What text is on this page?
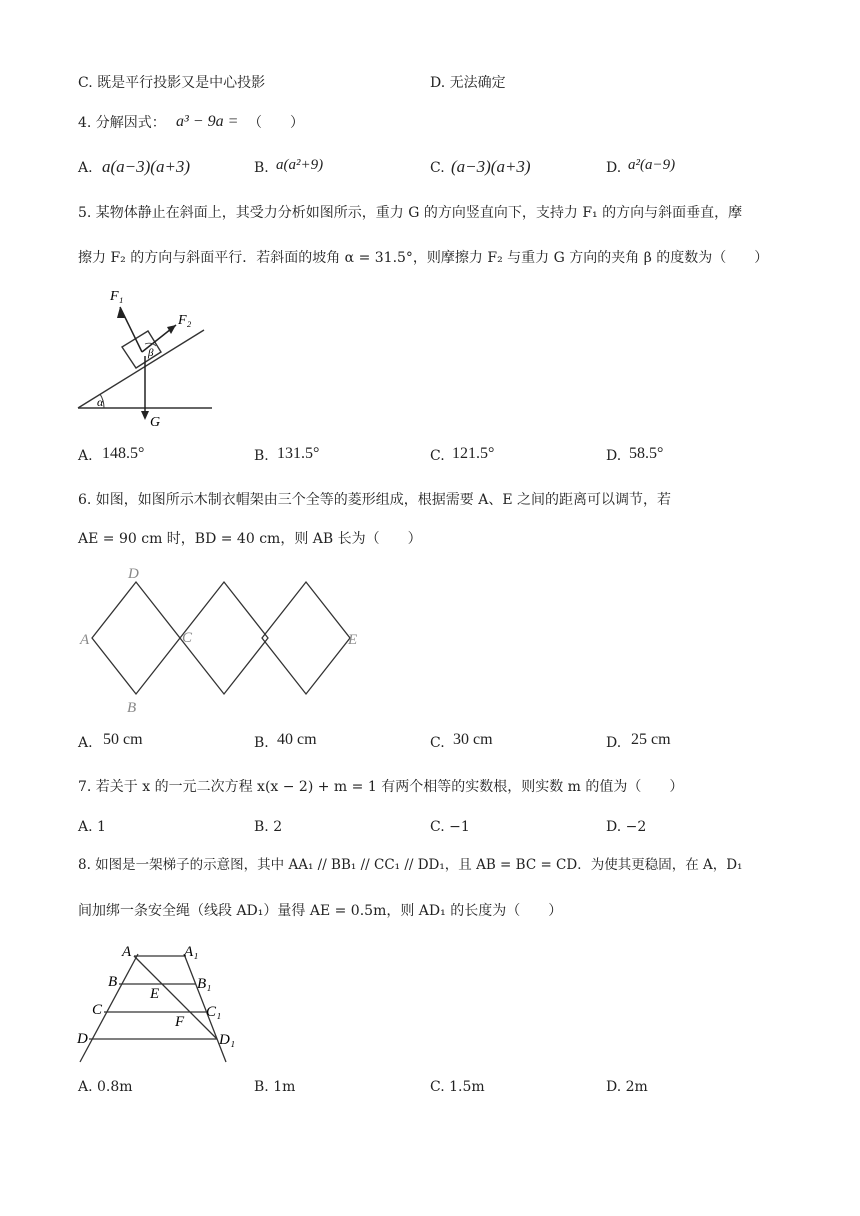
C. 既是平行投影又是中心投影	D. 无法确定
4. 分解因式： a³ − 9a = （　　）
A. a(a−3)(a+3)	B. a(a²+9)	C. (a−3)(a+3)	D. a²(a−9)
5. 某物体静止在斜面上，其受力分析如图所示，重力 G 的方向竖直向下，支持力 F₁ 的方向与斜面垂直，摩
擦力 F₂ 的方向与斜面平行．若斜面的坡角 α = 31.5°，则摩擦力 F₂ 与重力 G 方向的夹角 β 的度数为（　　）
F₁
F₂
β
α
G
A. 148.5°	B. 131.5°	C. 121.5°	D. 58.5°
6. 如图，如图所示木制衣帽架由三个全等的菱形组成，根据需要 A、E 之间的距离可以调节，若
AE = 90 cm 时，BD = 40 cm，则 AB 长为（　　）
A
D
C
B
E
A. 50 cm	B. 40 cm	C. 30 cm	D. 25 cm
7. 若关于 x 的一元二次方程 x(x − 2) + m = 1 有两个相等的实数根，则实数 m 的值为（　　）
A. 1	B. 2	C. −1	D. −2
8. 如图是一架梯子的示意图，其中 AA₁ // BB₁ // CC₁ // DD₁，且 AB = BC = CD．为使其更稳固，在 A，D₁
间加绑一条安全绳（线段 AD₁）量得 AE = 0.5m，则 AD₁ 的长度为（　　）
A	A₁
B	B₁
E
C	C₁
F
D	D₁
A. 0.8m	B. 1m	C. 1.5m	D. 2m
